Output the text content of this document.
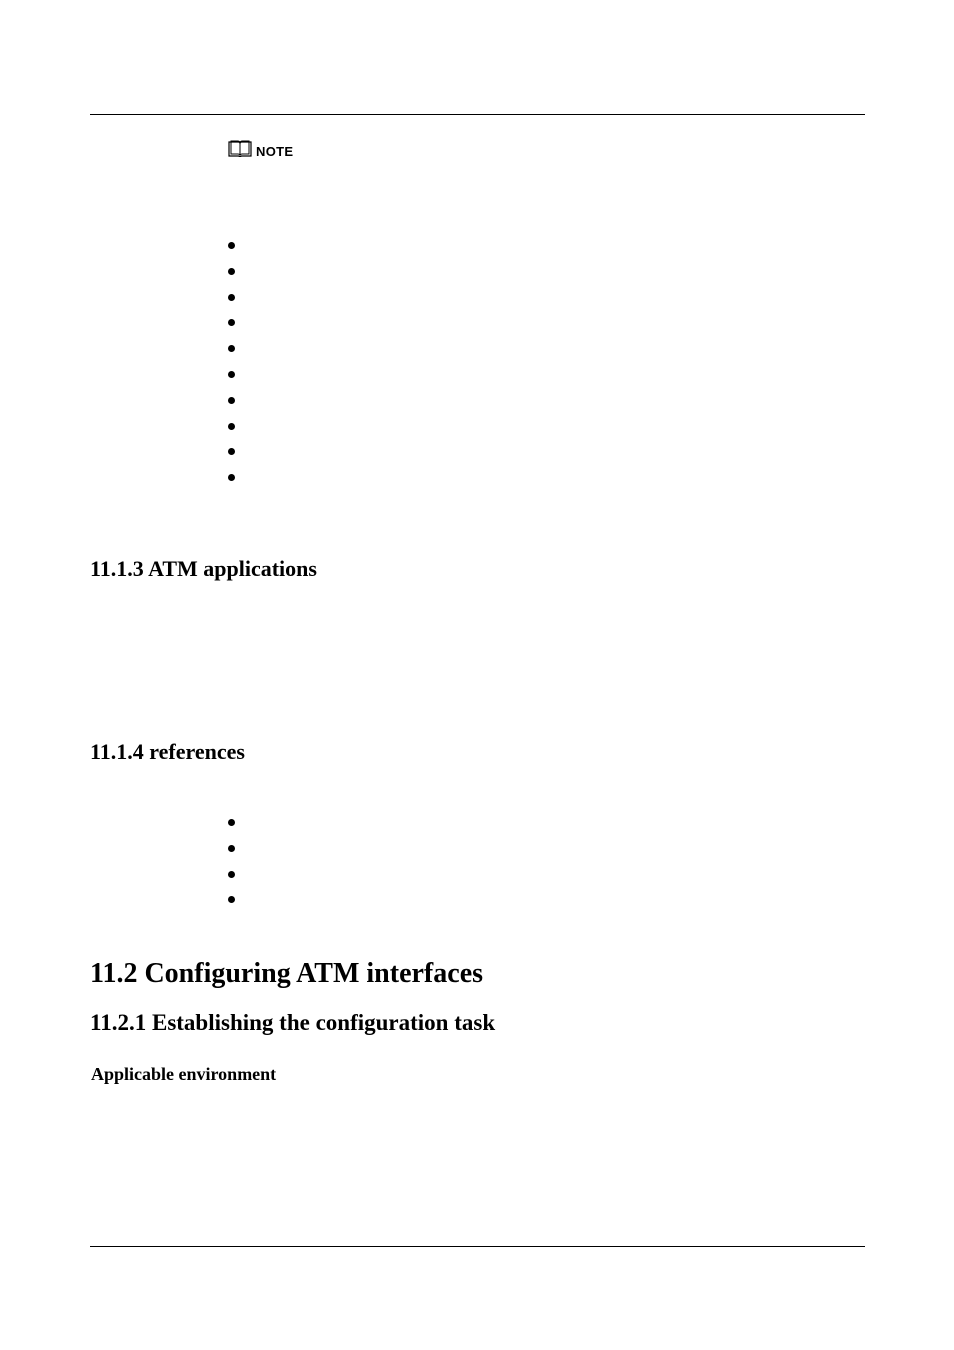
NOTE
11.1.3 ATM applications
11.1.4 references
11.2 Configuring ATM interfaces
11.2.1 Establishing the configuration task
Applicable environment
